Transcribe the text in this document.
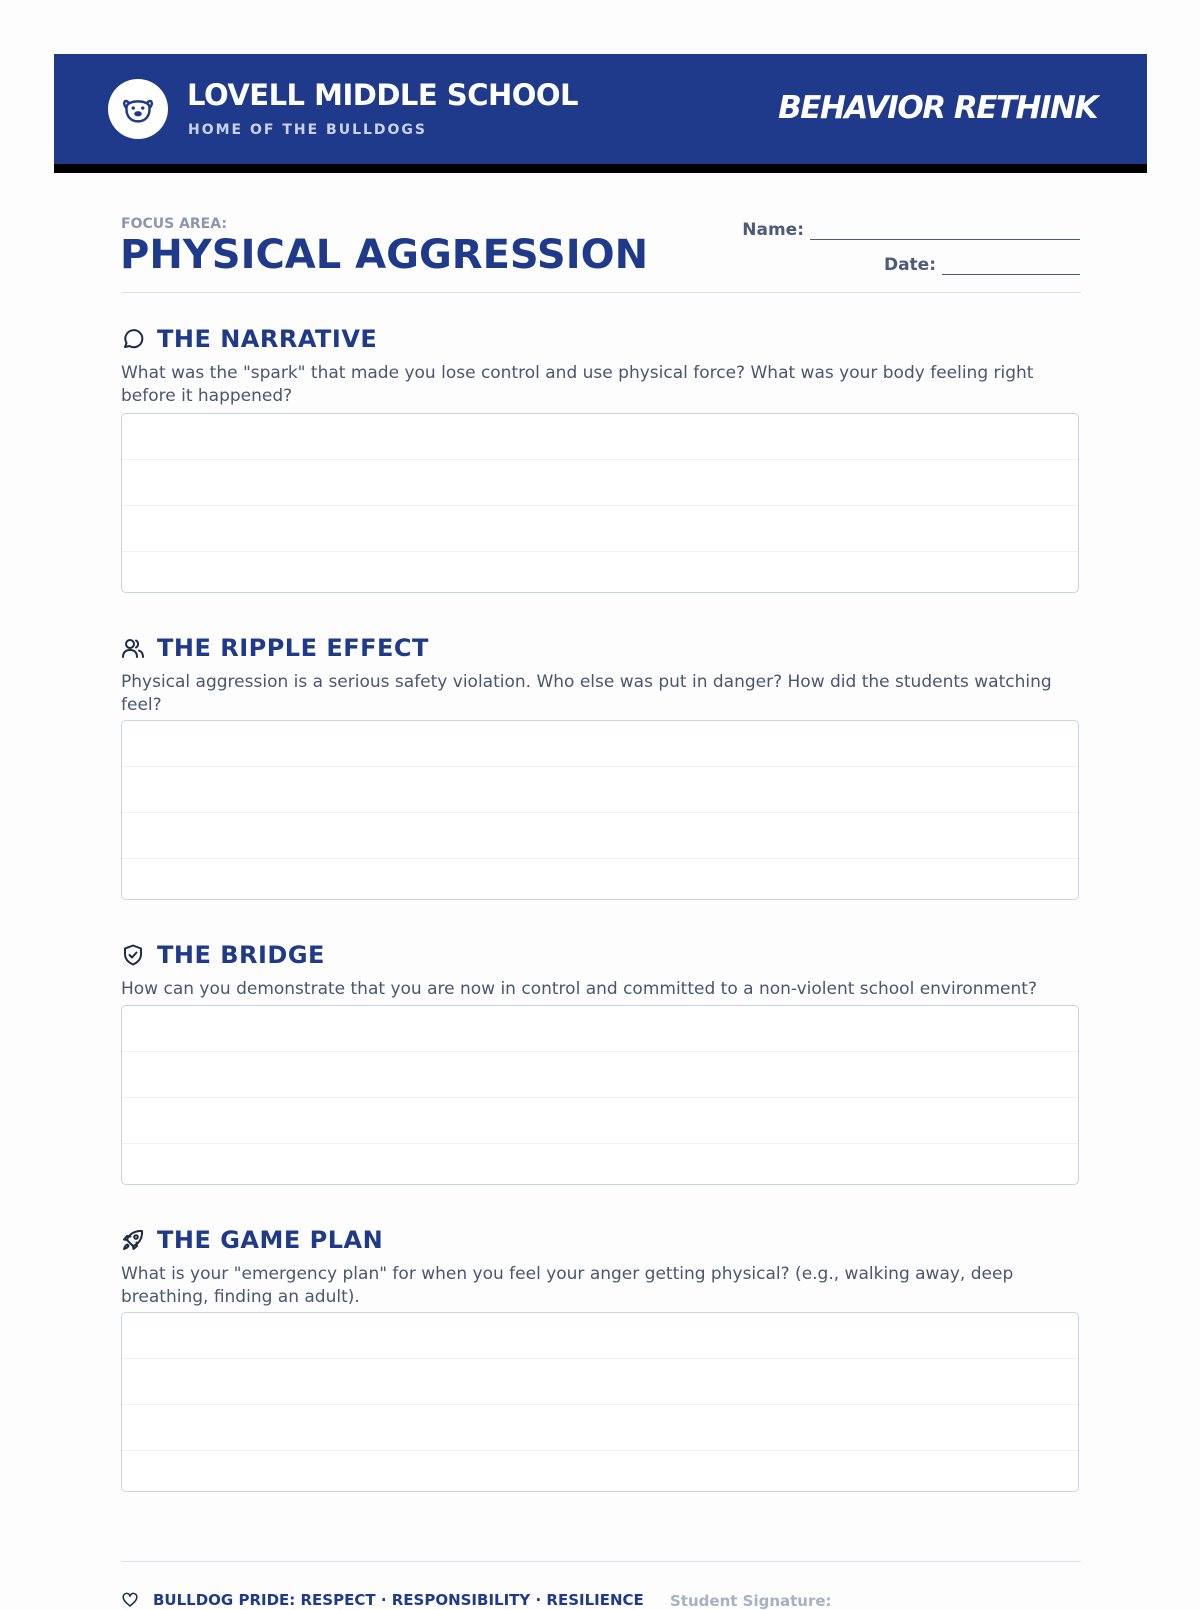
LOVELL MIDDLE SCHOOL
HOME OF THE BULLDOGS
BEHAVIOR RETHINK
FOCUS AREA:
PHYSICAL AGGRESSION
Name:
Date:
THE NARRATIVE
What was the "spark" that made you lose control and use physical force? What was your body feeling right before it happened?
THE RIPPLE EFFECT
Physical aggression is a serious safety violation. Who else was put in danger? How did the students watching feel?
THE BRIDGE
How can you demonstrate that you are now in control and committed to a non-violent school environment?
THE GAME PLAN
What is your "emergency plan" for when you feel your anger getting physical? (e.g., walking away, deep breathing, finding an adult).
BULLDOG PRIDE: RESPECT · RESPONSIBILITY · RESILIENCE Student Signature:
